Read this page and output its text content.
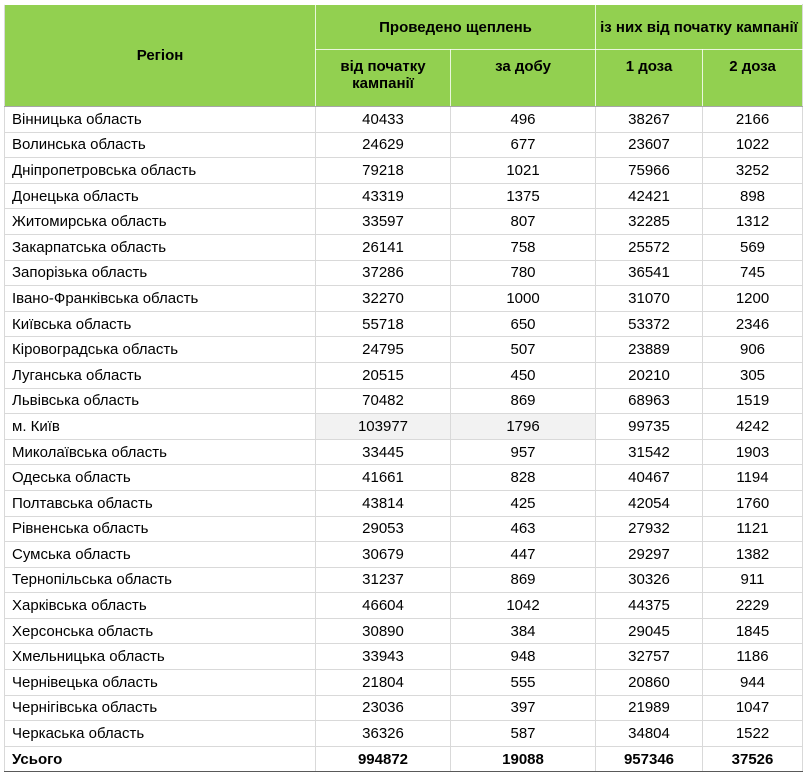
Регіон	Проведено щеплень		із них від початку кампанії	
	від початку кампанії	за добу	1 доза	2 доза
Вінницька область	40433	496	38267	2166
Волинська область	24629	677	23607	1022
Дніпропетровська область	79218	1021	75966	3252
Донецька область	43319	1375	42421	898
Житомирська область	33597	807	32285	1312
Закарпатська область	26141	758	25572	569
Запорізька область	37286	780	36541	745
Івано-Франківська область	32270	1000	31070	1200
Київська область	55718	650	53372	2346
Кіровоградська область	24795	507	23889	906
Луганська область	20515	450	20210	305
Львівська область	70482	869	68963	1519
м. Київ	103977	1796	99735	4242
Миколаївська область	33445	957	31542	1903
Одеська область	41661	828	40467	1194
Полтавська область	43814	425	42054	1760
Рівненська область	29053	463	27932	1121
Сумська область	30679	447	29297	1382
Тернопільська область	31237	869	30326	911
Харківська область	46604	1042	44375	2229
Херсонська область	30890	384	29045	1845
Хмельницька область	33943	948	32757	1186
Чернівецька область	21804	555	20860	944
Чернігівська область	23036	397	21989	1047
Черкаська область	36326	587	34804	1522
Усього	994872	19088	957346	37526
